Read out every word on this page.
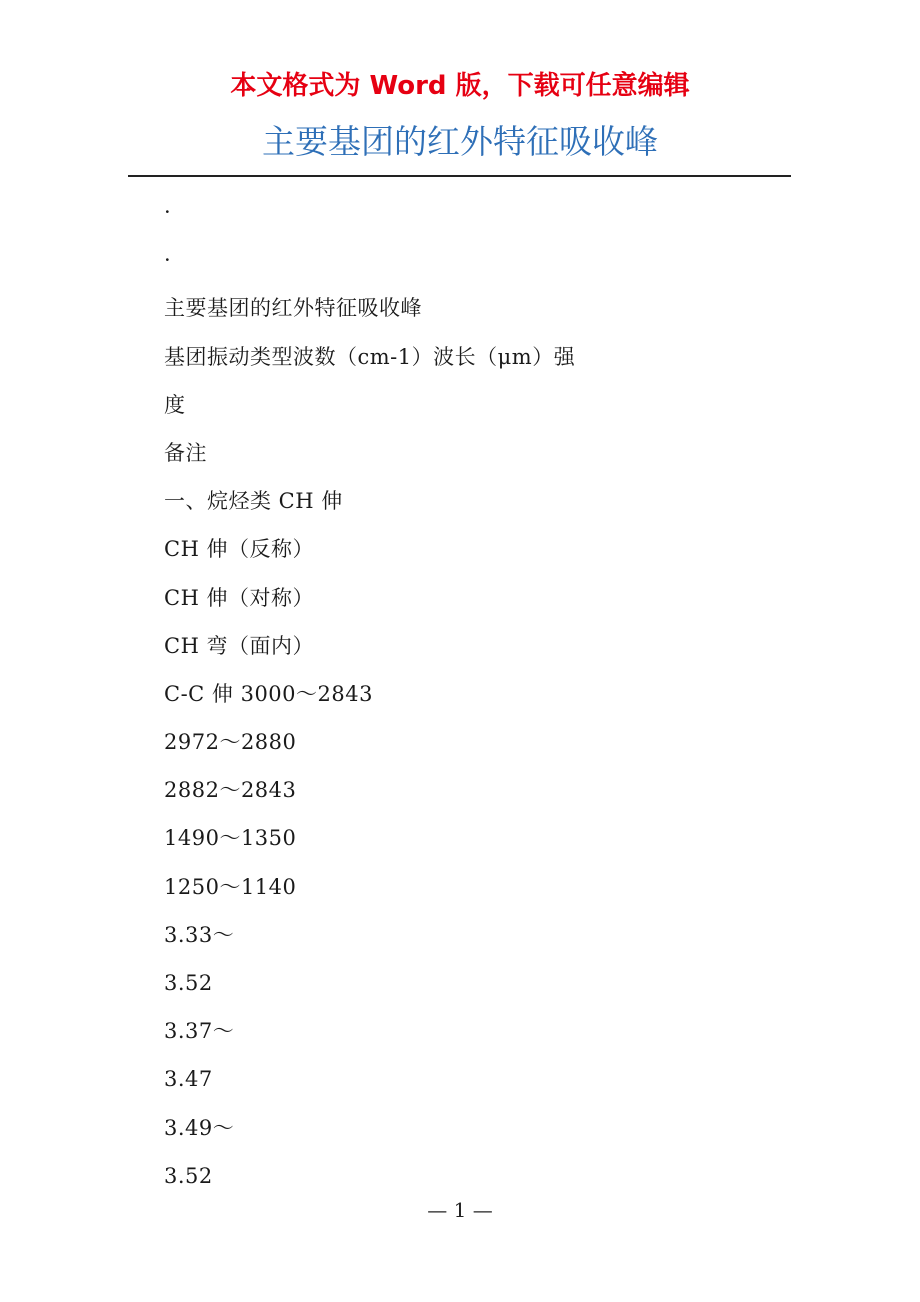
本文格式为 Word 版，下载可任意编辑
主要基团的红外特征吸收峰
·
·
主要基团的红外特征吸收峰
基团振动类型波数（cm-1）波长（μm）强
度
备注
一、烷烃类 CH 伸
CH 伸（反称）
CH 伸（对称）
CH 弯（面内）
C-C 伸 3000～2843
2972～2880
2882～2843
1490～1350
1250～1140
3.33～
3.52
3.37～
3.47
3.49～
3.52
— 1 —
